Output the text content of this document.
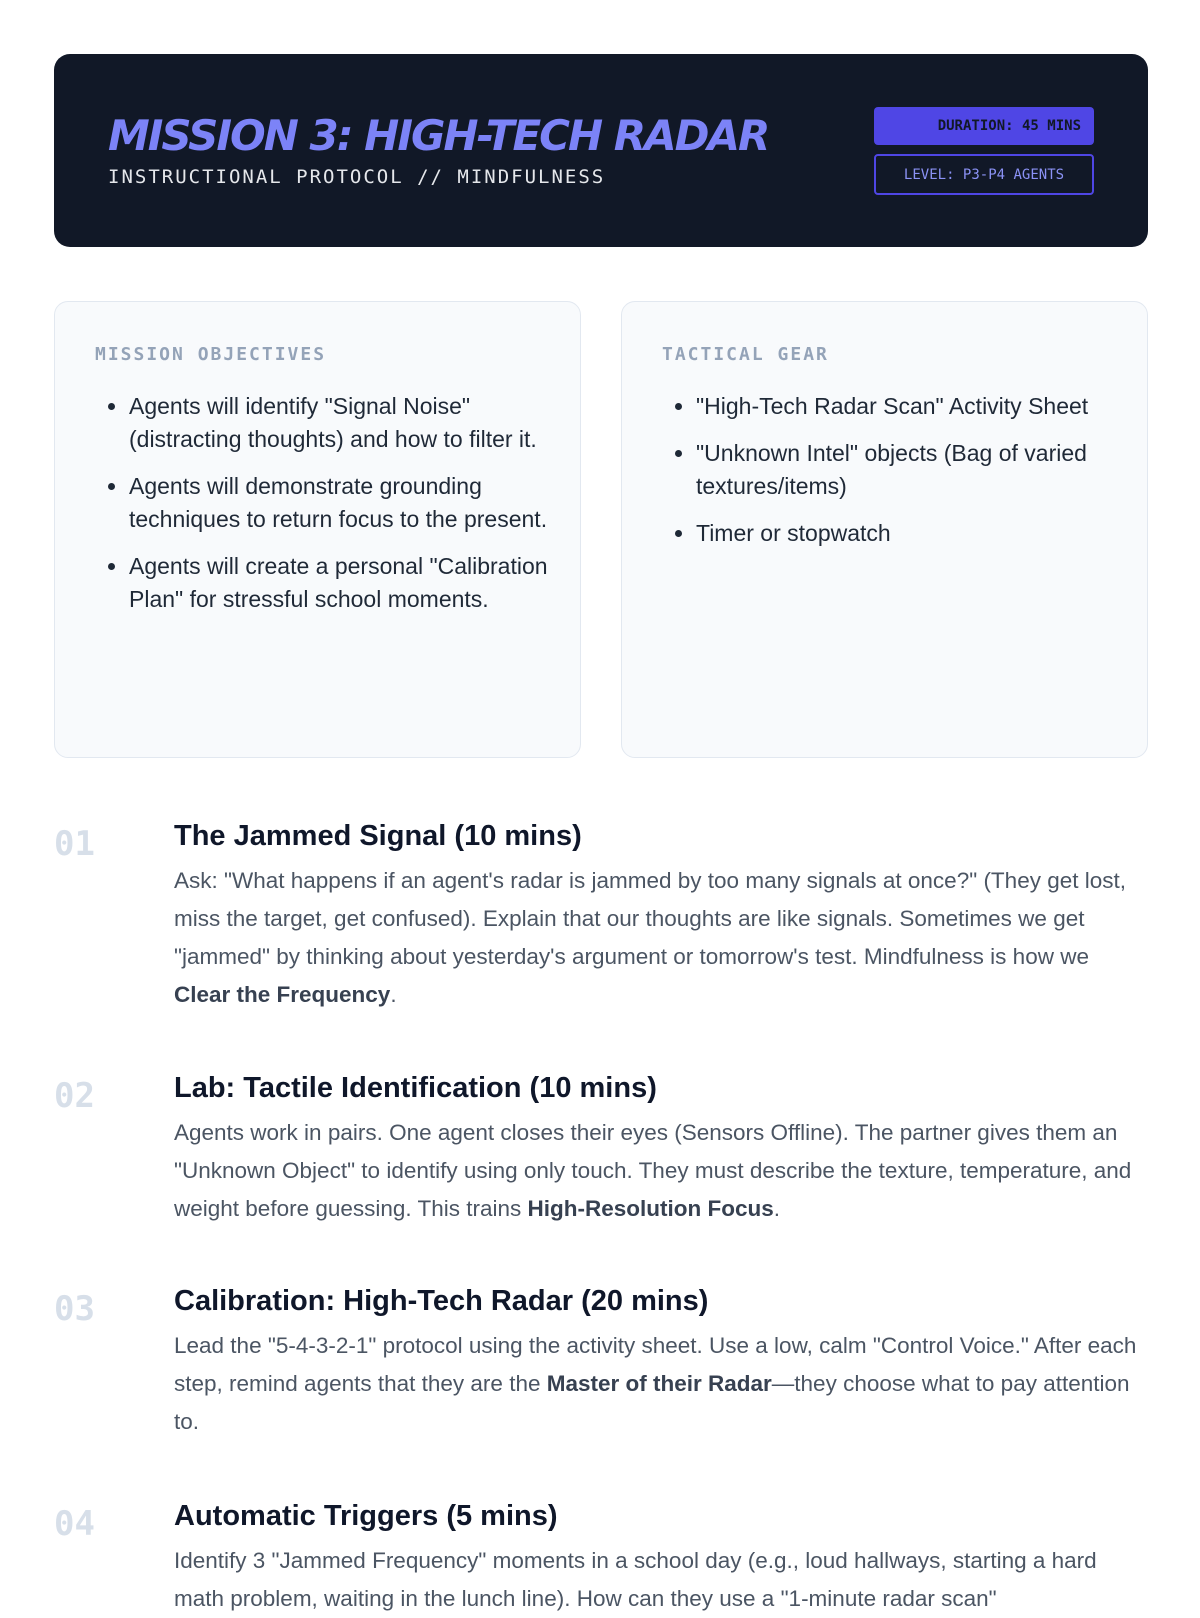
MISSION 3: HIGH-TECH RADAR
INSTRUCTIONAL PROTOCOL // MINDFULNESS
DURATION: 45 MINS
LEVEL: P3-P4 AGENTS
MISSION OBJECTIVES
• Agents will identify "Signal Noise" (distracting thoughts) and how to filter it.
• Agents will demonstrate grounding techniques to return focus to the present.
• Agents will create a personal "Calibration Plan" for stressful school moments.
TACTICAL GEAR
• "High-Tech Radar Scan" Activity Sheet
• "Unknown Intel" objects (Bag of varied textures/items)
• Timer or stopwatch
01	The Jammed Signal (10 mins)

Ask: "What happens if an agent's radar is jammed by too many signals at once?" (They get lost, miss the target, get confused). Explain that our thoughts are like signals. Sometimes we get "jammed" by thinking about yesterday's argument or tomorrow's test. Mindfulness is how we Clear the Frequency.

02	Lab: Tactile Identification (10 mins)

Agents work in pairs. One agent closes their eyes (Sensors Offline). The partner gives them an "Unknown Object" to identify using only touch. They must describe the texture, temperature, and weight before guessing. This trains High-Resolution Focus.

03	Calibration: High-Tech Radar (20 mins)

Lead the "5-4-3-2-1" protocol using the activity sheet. Use a low, calm "Control Voice." After each step, remind agents that they are the Master of their Radar—they choose what to pay attention to.

04	Automatic Triggers (5 mins)

Identify 3 "Jammed Frequency" moments in a school day (e.g., loud hallways, starting a hard math problem, waiting in the lunch line). How can they use a "1-minute radar scan"
